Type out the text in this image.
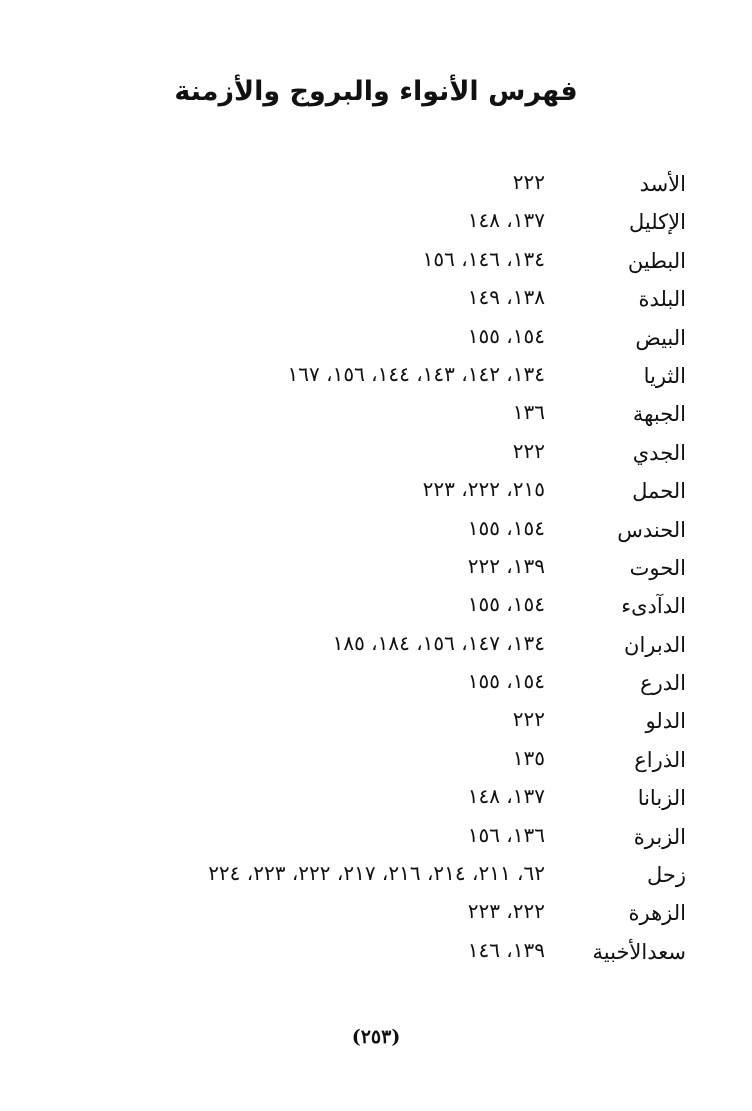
فهرس الأنواء والبروج والأزمنة
الأسد
٢٢٢
الإكليل
١٣٧، ١٤٨
البطين
١٣٤، ١٤٦، ١٥٦
البلدة
١٣٨، ١٤٩
البيض
١٥٤، ١٥٥
الثريا
١٣٤، ١٤٢، ١٤٣، ١٤٤، ١٥٦، ١٦٧
الجبهة
١٣٦
الجدي
٢٢٢
الحمل
٢١٥، ٢٢٢، ٢٢٣
الحندس
١٥٤، ١٥٥
الحوت
١٣٩، ٢٢٢
الدآدىء
١٥٤، ١٥٥
الدبران
١٣٤، ١٤٧، ١٥٦، ١٨٤، ١٨٥
الدرع
١٥٤، ١٥٥
الدلو
٢٢٢
الذراع
١٣٥
الزبانا
١٣٧، ١٤٨
الزبرة
١٣٦، ١٥٦
زحل
٦٢، ٢١١، ٢١٤، ٢١٦، ٢١٧، ٢٢٢، ٢٢٣، ٢٢٤
الزهرة
٢٢٢، ٢٢٣
سعدالأخبية
١٣٩، ١٤٦
(٢٥٣)
